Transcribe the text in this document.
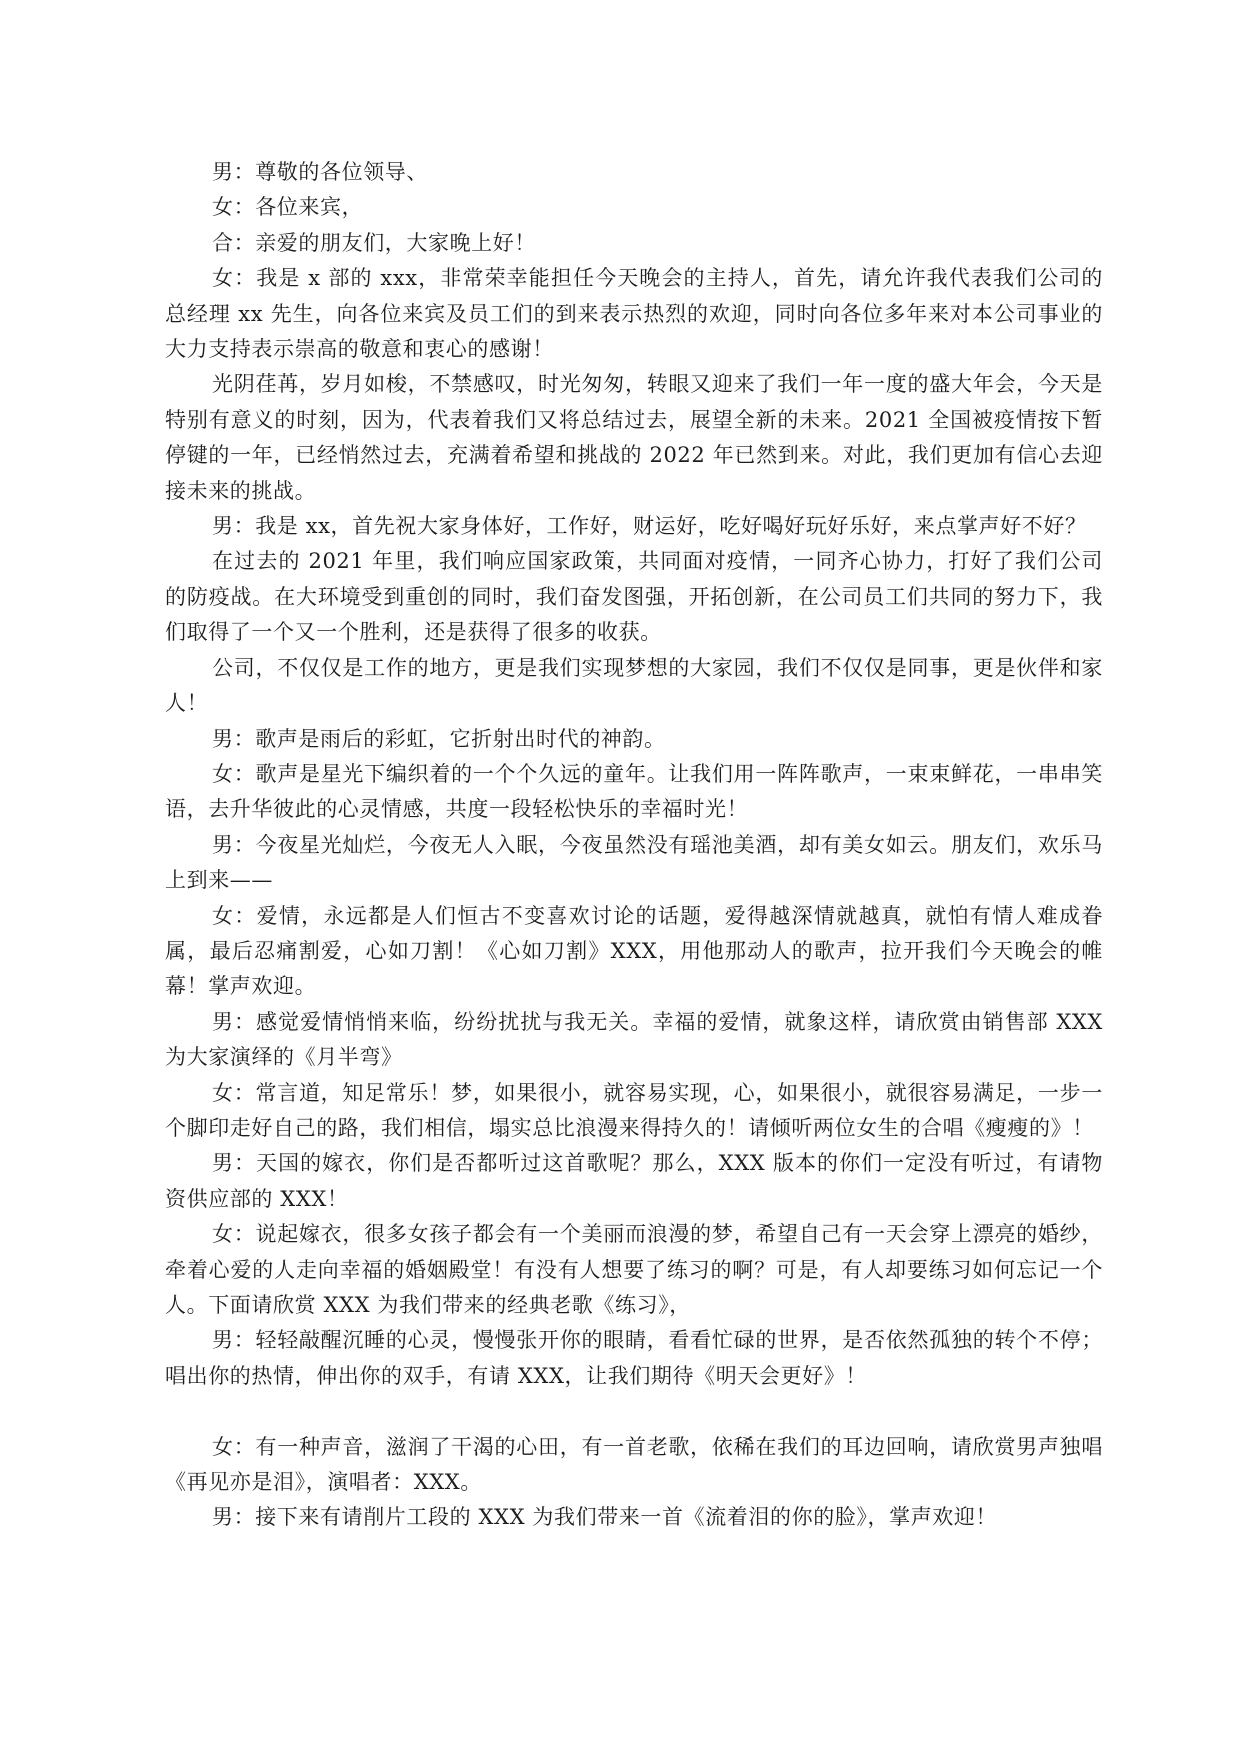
男：尊敬的各位领导、

女：各位来宾，

合：亲爱的朋友们，大家晚上好！

女：我是 x 部的 xxx，非常荣幸能担任今天晚会的主持人，首先，请允许我代表我们公司的总经理 xx 先生，向各位来宾及员工们的到来表示热烈的欢迎，同时向各位多年来对本公司事业的大力支持表示崇高的敬意和衷心的感谢！

光阴荏苒，岁月如梭，不禁感叹，时光匆匆，转眼又迎来了我们一年一度的盛大年会，今天是特别有意义的时刻，因为，代表着我们又将总结过去，展望全新的未来。2021 全国被疫情按下暂停键的一年，已经悄然过去，充满着希望和挑战的 2022 年已然到来。对此，我们更加有信心去迎接未来的挑战。

男：我是 xx，首先祝大家身体好，工作好，财运好，吃好喝好玩好乐好，来点掌声好不好？

在过去的 2021 年里，我们响应国家政策，共同面对疫情，一同齐心协力，打好了我们公司的防疫战。在大环境受到重创的同时，我们奋发图强，开拓创新，在公司员工们共同的努力下，我们取得了一个又一个胜利，还是获得了很多的收获。

公司，不仅仅是工作的地方，更是我们实现梦想的大家园，我们不仅仅是同事，更是伙伴和家人！

男：歌声是雨后的彩虹，它折射出时代的神韵。

女：歌声是星光下编织着的一个个久远的童年。让我们用一阵阵歌声，一束束鲜花，一串串笑语，去升华彼此的心灵情感，共度一段轻松快乐的幸福时光！

男：今夜星光灿烂，今夜无人入眠，今夜虽然没有瑶池美酒，却有美女如云。朋友们，欢乐马上到来——

女：爱情，永远都是人们恒古不变喜欢讨论的话题，爱得越深情就越真，就怕有情人难成眷属，最后忍痛割爱，心如刀割！《心如刀割》XXX，用他那动人的歌声，拉开我们今天晚会的帷幕！掌声欢迎。

男：感觉爱情悄悄来临，纷纷扰扰与我无关。幸福的爱情，就象这样，请欣赏由销售部 XXX 为大家演绎的《月半弯》

女：常言道，知足常乐！梦，如果很小，就容易实现，心，如果很小，就很容易满足，一步一个脚印走好自己的路，我们相信，塌实总比浪漫来得持久的！请倾听两位女生的合唱《瘦瘦的》！

男：天国的嫁衣，你们是否都听过这首歌呢？那么，XXX 版本的你们一定没有听过，有请物资供应部的 XXX！

女：说起嫁衣，很多女孩子都会有一个美丽而浪漫的梦，希望自己有一天会穿上漂亮的婚纱，牵着心爱的人走向幸福的婚姻殿堂！有没有人想要了练习的啊？可是，有人却要练习如何忘记一个人。下面请欣赏 XXX 为我们带来的经典老歌《练习》，

男：轻轻敲醒沉睡的心灵，慢慢张开你的眼睛，看看忙碌的世界，是否依然孤独的转个不停；唱出你的热情，伸出你的双手，有请 XXX，让我们期待《明天会更好》！

女：有一种声音，滋润了干渴的心田，有一首老歌，依稀在我们的耳边回响，请欣赏男声独唱《再见亦是泪》，演唱者：XXX。

男：接下来有请削片工段的 XXX 为我们带来一首《流着泪的你的脸》，掌声欢迎！
